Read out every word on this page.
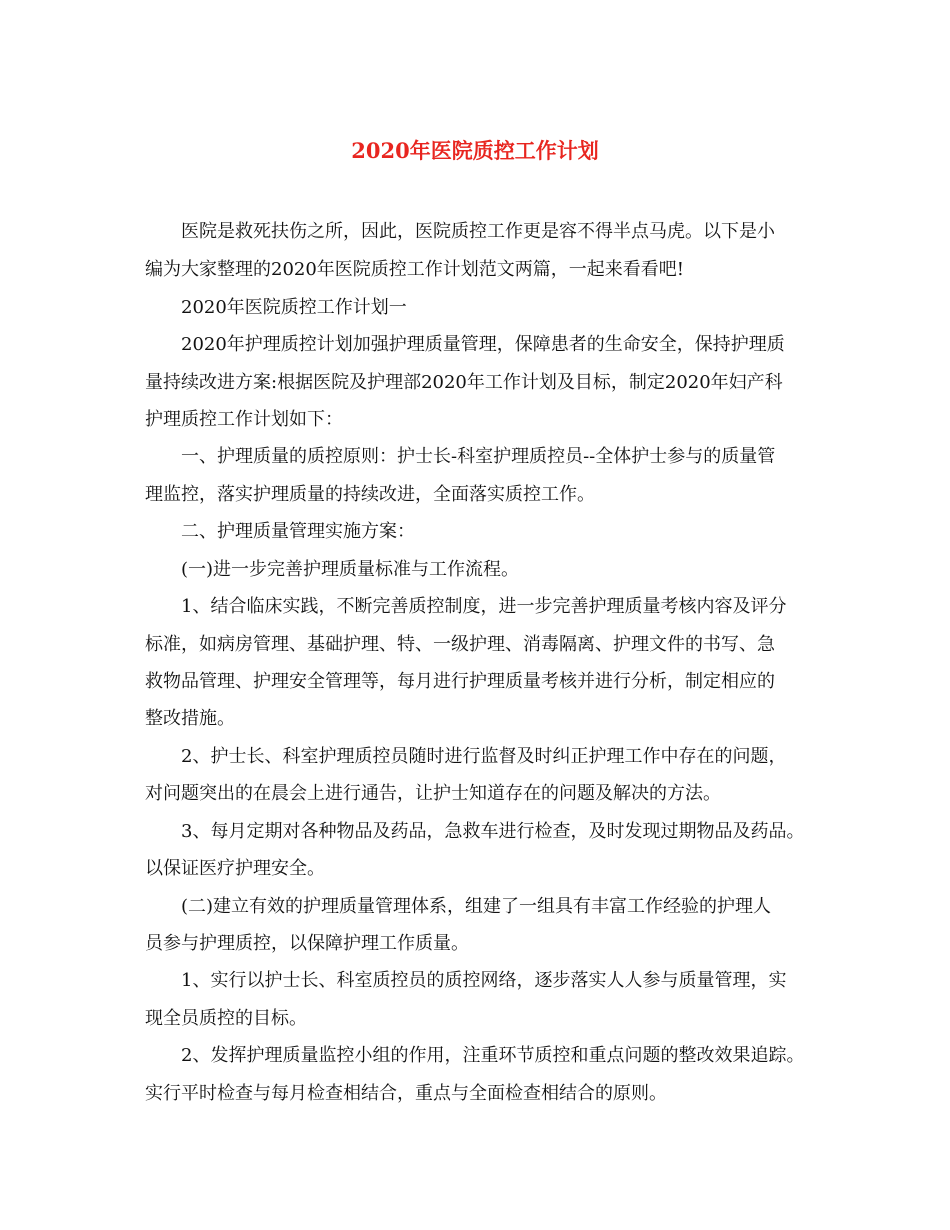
2020年医院质控工作计划
医院是救死扶伤之所，因此，医院质控工作更是容不得半点马虎。以下是小
编为大家整理的2020年医院质控工作计划范文两篇，一起来看看吧!
2020年医院质控工作计划一
2020年护理质控计划加强护理质量管理，保障患者的生命安全，保持护理质
量持续改进方案:根据医院及护理部2020年工作计划及目标，制定2020年妇产科
护理质控工作计划如下：
一、护理质量的质控原则：护士长-科室护理质控员--全体护士参与的质量管
理监控，落实护理质量的持续改进，全面落实质控工作。
二、护理质量管理实施方案：
(一)进一步完善护理质量标准与工作流程。
1、结合临床实践，不断完善质控制度，进一步完善护理质量考核内容及评分
标准，如病房管理、基础护理、特、一级护理、消毒隔离、护理文件的书写、急
救物品管理、护理安全管理等，每月进行护理质量考核并进行分析，制定相应的
整改措施。
2、护士长、科室护理质控员随时进行监督及时纠正护理工作中存在的问题，
对问题突出的在晨会上进行通告，让护士知道存在的问题及解决的方法。
3、每月定期对各种物品及药品，急救车进行检查，及时发现过期物品及药品。
以保证医疗护理安全。
(二)建立有效的护理质量管理体系，组建了一组具有丰富工作经验的护理人
员参与护理质控，以保障护理工作质量。
1、实行以护士长、科室质控员的质控网络，逐步落实人人参与质量管理，实
现全员质控的目标。
2、发挥护理质量监控小组的作用，注重环节质控和重点问题的整改效果追踪。
实行平时检查与每月检查相结合，重点与全面检查相结合的原则。
